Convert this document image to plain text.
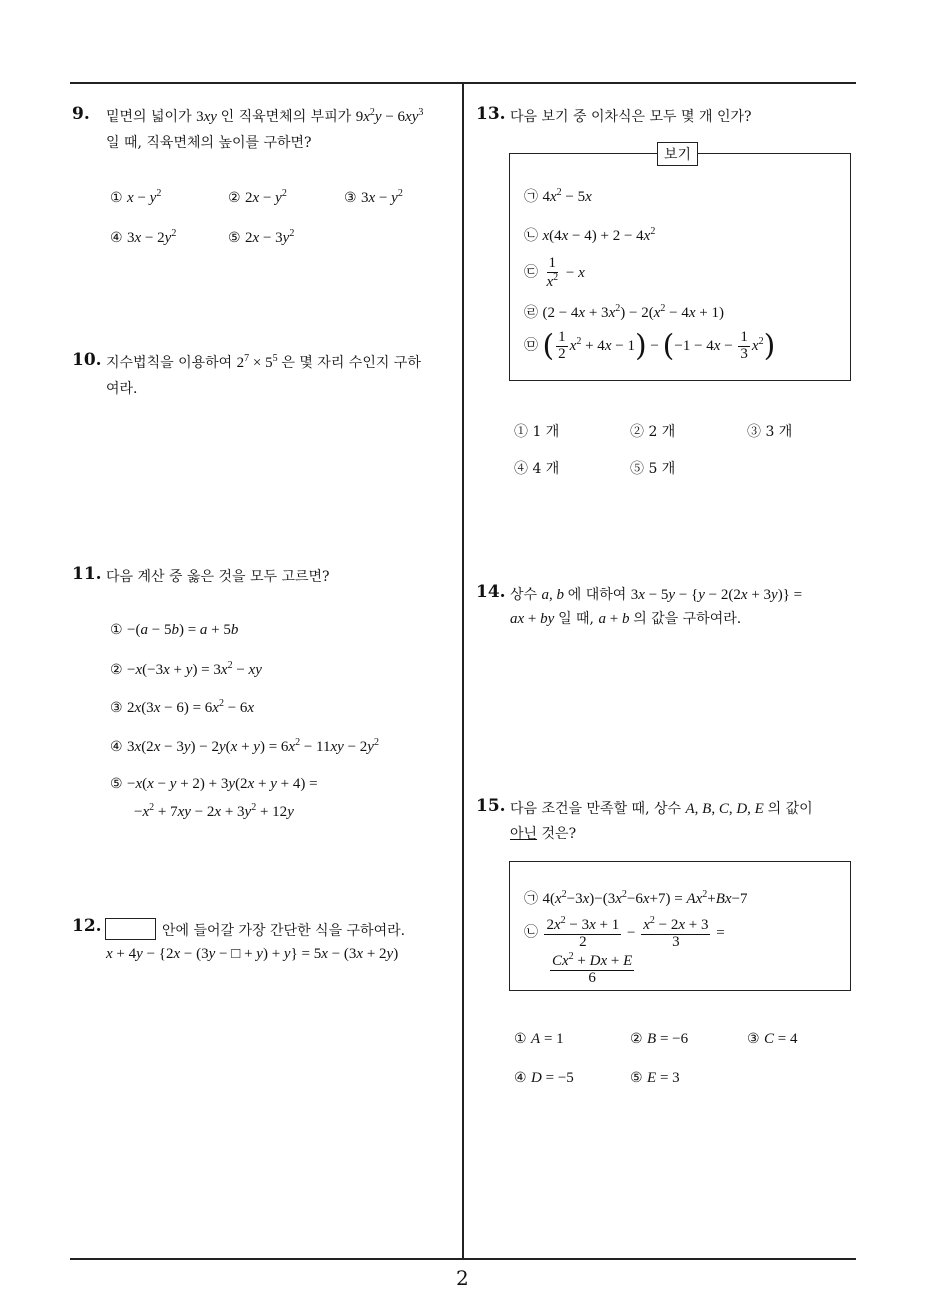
2
9. 밑면의 넓이가 3xy 인 직육면체의 부피가 $9x^2y - 6xy^3$
일 때, 직육면체의 높이를 구하면?
① $x - y^2$	② $2x - y^2$	③ $3x - y^2$
④ $3x - 2y^2$	⑤ $2x - 3y^2$
10. 지수법칙을 이용하여 $2^7 \times 5^5$ 은 몇 자리 수인지 구하
여라.
11. 다음 계산 중 옳은 것을 모두 고르면?
① −(a − 5b) = a + 5b
② $-x(-3x + y) = 3x^2$ − xy
③ $2x(3x - 6) = 6x^2 - 6x$
④ $3x(2x - 3y) - 2y(x + y) = 6x^2 - 11xy - 2y^2$
⑤ −x(x − y + 2) + 3y(2x + y + 4) =
$-x^2 + 7xy - 2x + 3y^2 + 12y$
12.	안에 들어갈 가장 간단한 식을 구하여라.
x + 4y − {2x − (3y − □ + y) + y} = 5x − (3x + 2y)
13. 다음 보기 중 이차식은 모두 몇 개 인가?
보기
㉠ $4x^2 - 5x$
㉡ $x(4x - 4) + 2 - 4x^2$
㉢ $\frac{1}{x^2} - x$
㉣ $(2 - 4x + 3x^2) - 2(x^2 - 4x + 1)$
㉤ ( $\frac{1}{2} x^2 + 4x - 1) - (-1 - 4x - \frac{1}{3} x^2)$
① 1 개	② 2 개	③ 3 개
④ 4 개	⑤ 5 개
14. 상수 a, b 에 대하여 3x − 5y − {y − 2(2x + 3y)} =
ax + by 일 때, a + b 의 값을 구하여라.
15. 다음 조건을 만족할 때, 상수 A, B, C, D, E 의 값이
아닌 것은?
㉠ $4(x^2-3x)-(3x^2-6x+7) = Ax^2+Bx-7$
㉡ $\frac{2x^2 - 3x + 1}{2} - \frac{x^2 - 2x + 3}{3}$ =
$\frac{Cx^2 + Dx + E}{6}$
① A = 1	② B = −6	③ C = 4
④ D = −5	⑤ E = 3
